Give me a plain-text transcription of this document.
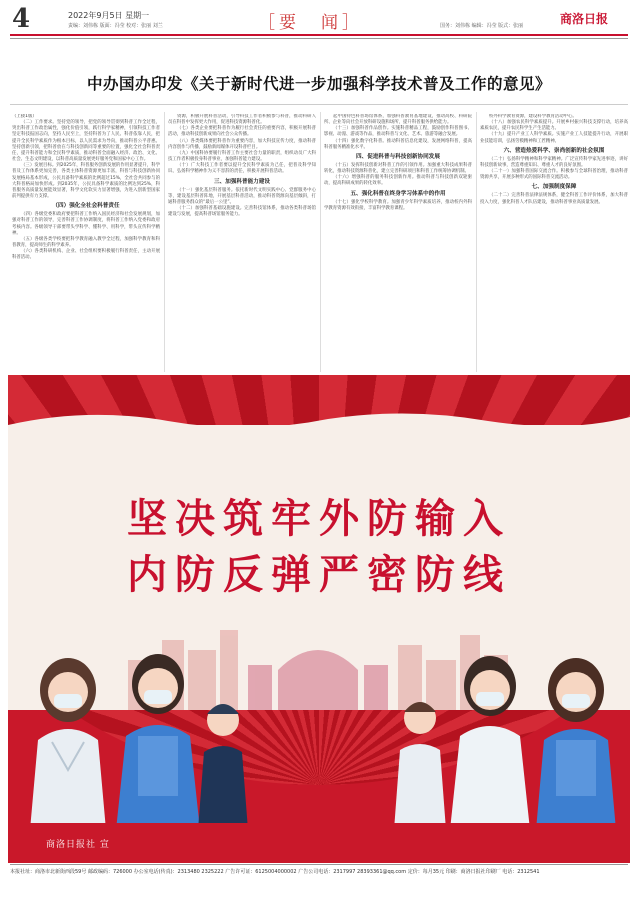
4	2022年9月5日 星期一
责编：刘伟栋 版面：冯莹 校对：张丽 刘兰	［要　闻］	国务：刘伟栋 编辑：冯莹 版式：张丽	商洛日报
中办国办印发《关于新时代进一步加强科学技术普及工作的意见》
（上接1版）

（二）工作要求。坚持党的领导，把党的领导贯彻到科普工作全过程，突出科普工作政治属性，强化价值引领，践行科学家精神，引领科技工作者坚定科技报国志向，坚持人民至上，坚持科普为了人民、科普依靠人民，把提升全民科学素质作为根本目标，以人民需求为导向，推动科普公平普惠。坚持创新引领，把科普放在与科技创新同等重要的位置，强化全社会科普责任，提升科普能力和全民科学素质，推动科普全面融入经济、政治、文化、社会、生态文明建设，以科普高质量发展更好服务党和国家中心工作。

（三）发展目标。到2025年，科普服务创新发展的作用显著提升，科学普及工作体系更加完善，各类主体科普资源更加丰富，科普与科技创新协同发展格局基本形成，公民具备科学素质的比例超过15%，全社会共同参与的大科普格局加快形成。到2035年，公民具备科学素质的比例达到25%，科普服务高质量发展能效显著，科学文化软实力显著增强，为进入创新型国家前列提供有力支撑。

（四）强化全社会科普责任

（四）各级党委和政府要把科普工作纳入国民经济和社会发展规划，加强对科普工作的领导，完善科普工作协调制度，将科普工作纳入党委和政府考核内容。各级领导干部要带头学科学、懂科学、用科学，带头宣传科学精神。

（五）各级各类学校要把科学教育融入教学全过程，加强科学教育和科普教育，提高师生的科学素养。

（六）各类科研机构、企业、社会组织要积极履行科普责任，主动开展科普活动。

资源，积极开展科普活动，引导科技工作者积极参与科普，推动科研人员在科普中发挥更大作用，促进科技资源科普化。

（七）各类企业要把科普作为履行社会责任的重要内容，积极开展科普活动，推动科技创新成果向社会公众传播。

（八）各类媒体要把科普作为重要内容，加大科技宣传力度，推动科普内容创作与传播，鼓励新闻媒体开设科普栏目。

（九）中国科协要履行科普工作主要社会力量的职责，组织动员广大科技工作者积极投身科普事业，加强科普能力建设。

（十）广大科技工作者要以提升全民科学素质为己任，把普及科学知识、弘扬科学精神作为义不容辞的责任，积极开展科普活动。

三、加强科普能力建设

（十一）强化基层科普服务。依托新时代文明实践中心、党群服务中心等，建设基层科普阵地，开展基层科普活动，推动科普资源向基层倾斜，打通科普服务群众的“最后一公里”。

（十二）加强科普基础设施建设。完善科技馆体系，推动各类科普场馆建设与发展，提高科普场馆服务能力。

起中国特色科普场馆体系，加强科普教育基地建设，推动高校、科研院所、企业等向社会开放科研设施和场所，提升科普服务供给能力。

（十三）加强科普作品创作。实施科普精品工程，鼓励创作科普图书、影视、动漫、游戏等作品，推动科普与文化、艺术、旅游等融合发展。

（十四）强化数字化科普。推动科普信息化建设，发展网络科普，提高科普服务精准化水平。

四、促进科普与科技创新协同发展

（十五）发挥科技创新对科普工作的引领作用。加强重大科技成果科普转化，推动科技资源科普化，建立完善科研项目和科普工作统筹协调机制。

（十六）增强科普的服务科技创新作用。推动科普与科技创新双轮驱动，提高科研成果的转化效率。

五、强化科普在终身学习体系中的作用

（十七）强化学校科学教育。加强青少年科学素质培养，推动校内外科学教育资源有效衔接，丰富科学教育课程。

校外科学教育资源，建设科学教育活动中心。

（十八）加强农民科学素质提升。开展乡村振兴科技支撑行动，培养高素质农民，提升农民科学生产生活能力。

（十九）提升产业工人科学素质。实施产业工人技能提升行动，开展职业技能培训，弘扬劳模精神和工匠精神。

六、营造热爱科学、崇尚创新的社会氛围

（二十）弘扬科学精神和科学家精神。广泛宣传科学家先进事迹，讲好科技创新故事，营造尊重知识、尊重人才的良好氛围。

（二十一）加强科普国际交流合作。积极参与全球科普治理，推动科普资源共享，开展多种形式的国际科普交流活动。

七、加强制度保障

（二十二）完善科普法律法规体系，健全科普工作评价体系，加大科普投入力度，强化科普人才队伍建设，推动科普事业高质量发展。

坚决筑牢外防输入
内防反弹严密防线
商洛日报社 宣
本报社址：商洛市北新街西段59号 邮政编码：726000 办公室电话(传真)：2313480 2325222 广告许可证：6125004000002 广告公司电话：2317997 28393361@qq.com 定价：每月35元 印刷：商洛日报社印刷厂 电话：2312541
